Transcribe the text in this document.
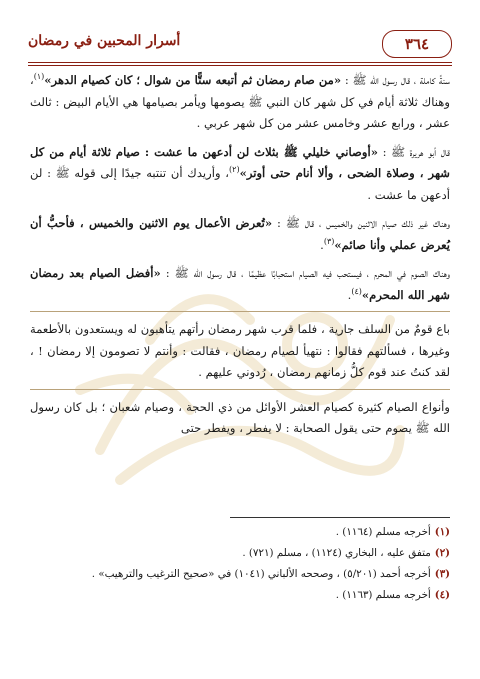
٣٦٤
أسرار المحبين في رمضان

سنةً كاملة ، قال رسول الله ﷺ : «من صام رمضان ثم أتبعه ستًّا من شوال ؛ كان كصيام الدهر»$^{(١)}$، وهناك ثلاثة أيام في كل شهر كان النبي ﷺ يصومها ويأمر بصيامها هي الأيام البيض : ثالث عشر ، ورابع عشر وخامس عشر من كل شهر عربي .

قال أبو هريرة ﷺ : «أوصاني خليلي ﷺ بثلاث لن أدعهن ما عشت : صيام ثلاثة أيام من كل شهر ، وصلاة الضحى ، وألا أنام حتى أوتر»$^{(٢)}$، وأريدك أن تنتبه جيدًا إلى قوله ﷺ : لن أدعهن ما عشت .

وهناك غير ذلك صيام الاثنين والخميس ، قال ﷺ : «تُعرض الأعمال يوم الاثنين والخميس ، فأحبُّ أن يُعرض عملي وأنا صائم»$^{(٣)}$.

وهناك الصوم في المحرم ، فيستحب فيه الصيام استحبابًا عظيمًا ، قال رسول الله ﷺ : «أفضل الصيام بعد رمضان شهر الله المحرم»$^{(٤)}$.

باع قومٌ من السلف جارية ، فلما قرب شهر رمضان رأتهم يتأهبون له ويستعدون بالأطعمة وغيرها ، فسألتهم فقالوا : نتهيأ لصيام رمضان ، فقالت : وأنتم لا تصومون إلا رمضان ! ، لقد كنتُ عند قوم كلُّ زمانهم رمضان ، رُدوني عليهم .

وأنواع الصيام كثيرة كصيام العشر الأوائل من ذي الحجة ، وصيام شعبان ؛ بل كان رسول الله ﷺ يصوم حتى يقول الصحابة : لا يفطر ، ويفطر حتى

(١)أخرجه مسلم (١١٦٤) .
(٢)متفق عليه ، البخاري (١١٢٤) ، مسلم (٧٢١) .
(٣)أخرجه أحمد (٥/٢٠١) ، وصححه الألباني (١٠٤١) في «صحيح الترغيب والترهيب» .
(٤)أخرجه مسلم (١١٦٣) .
